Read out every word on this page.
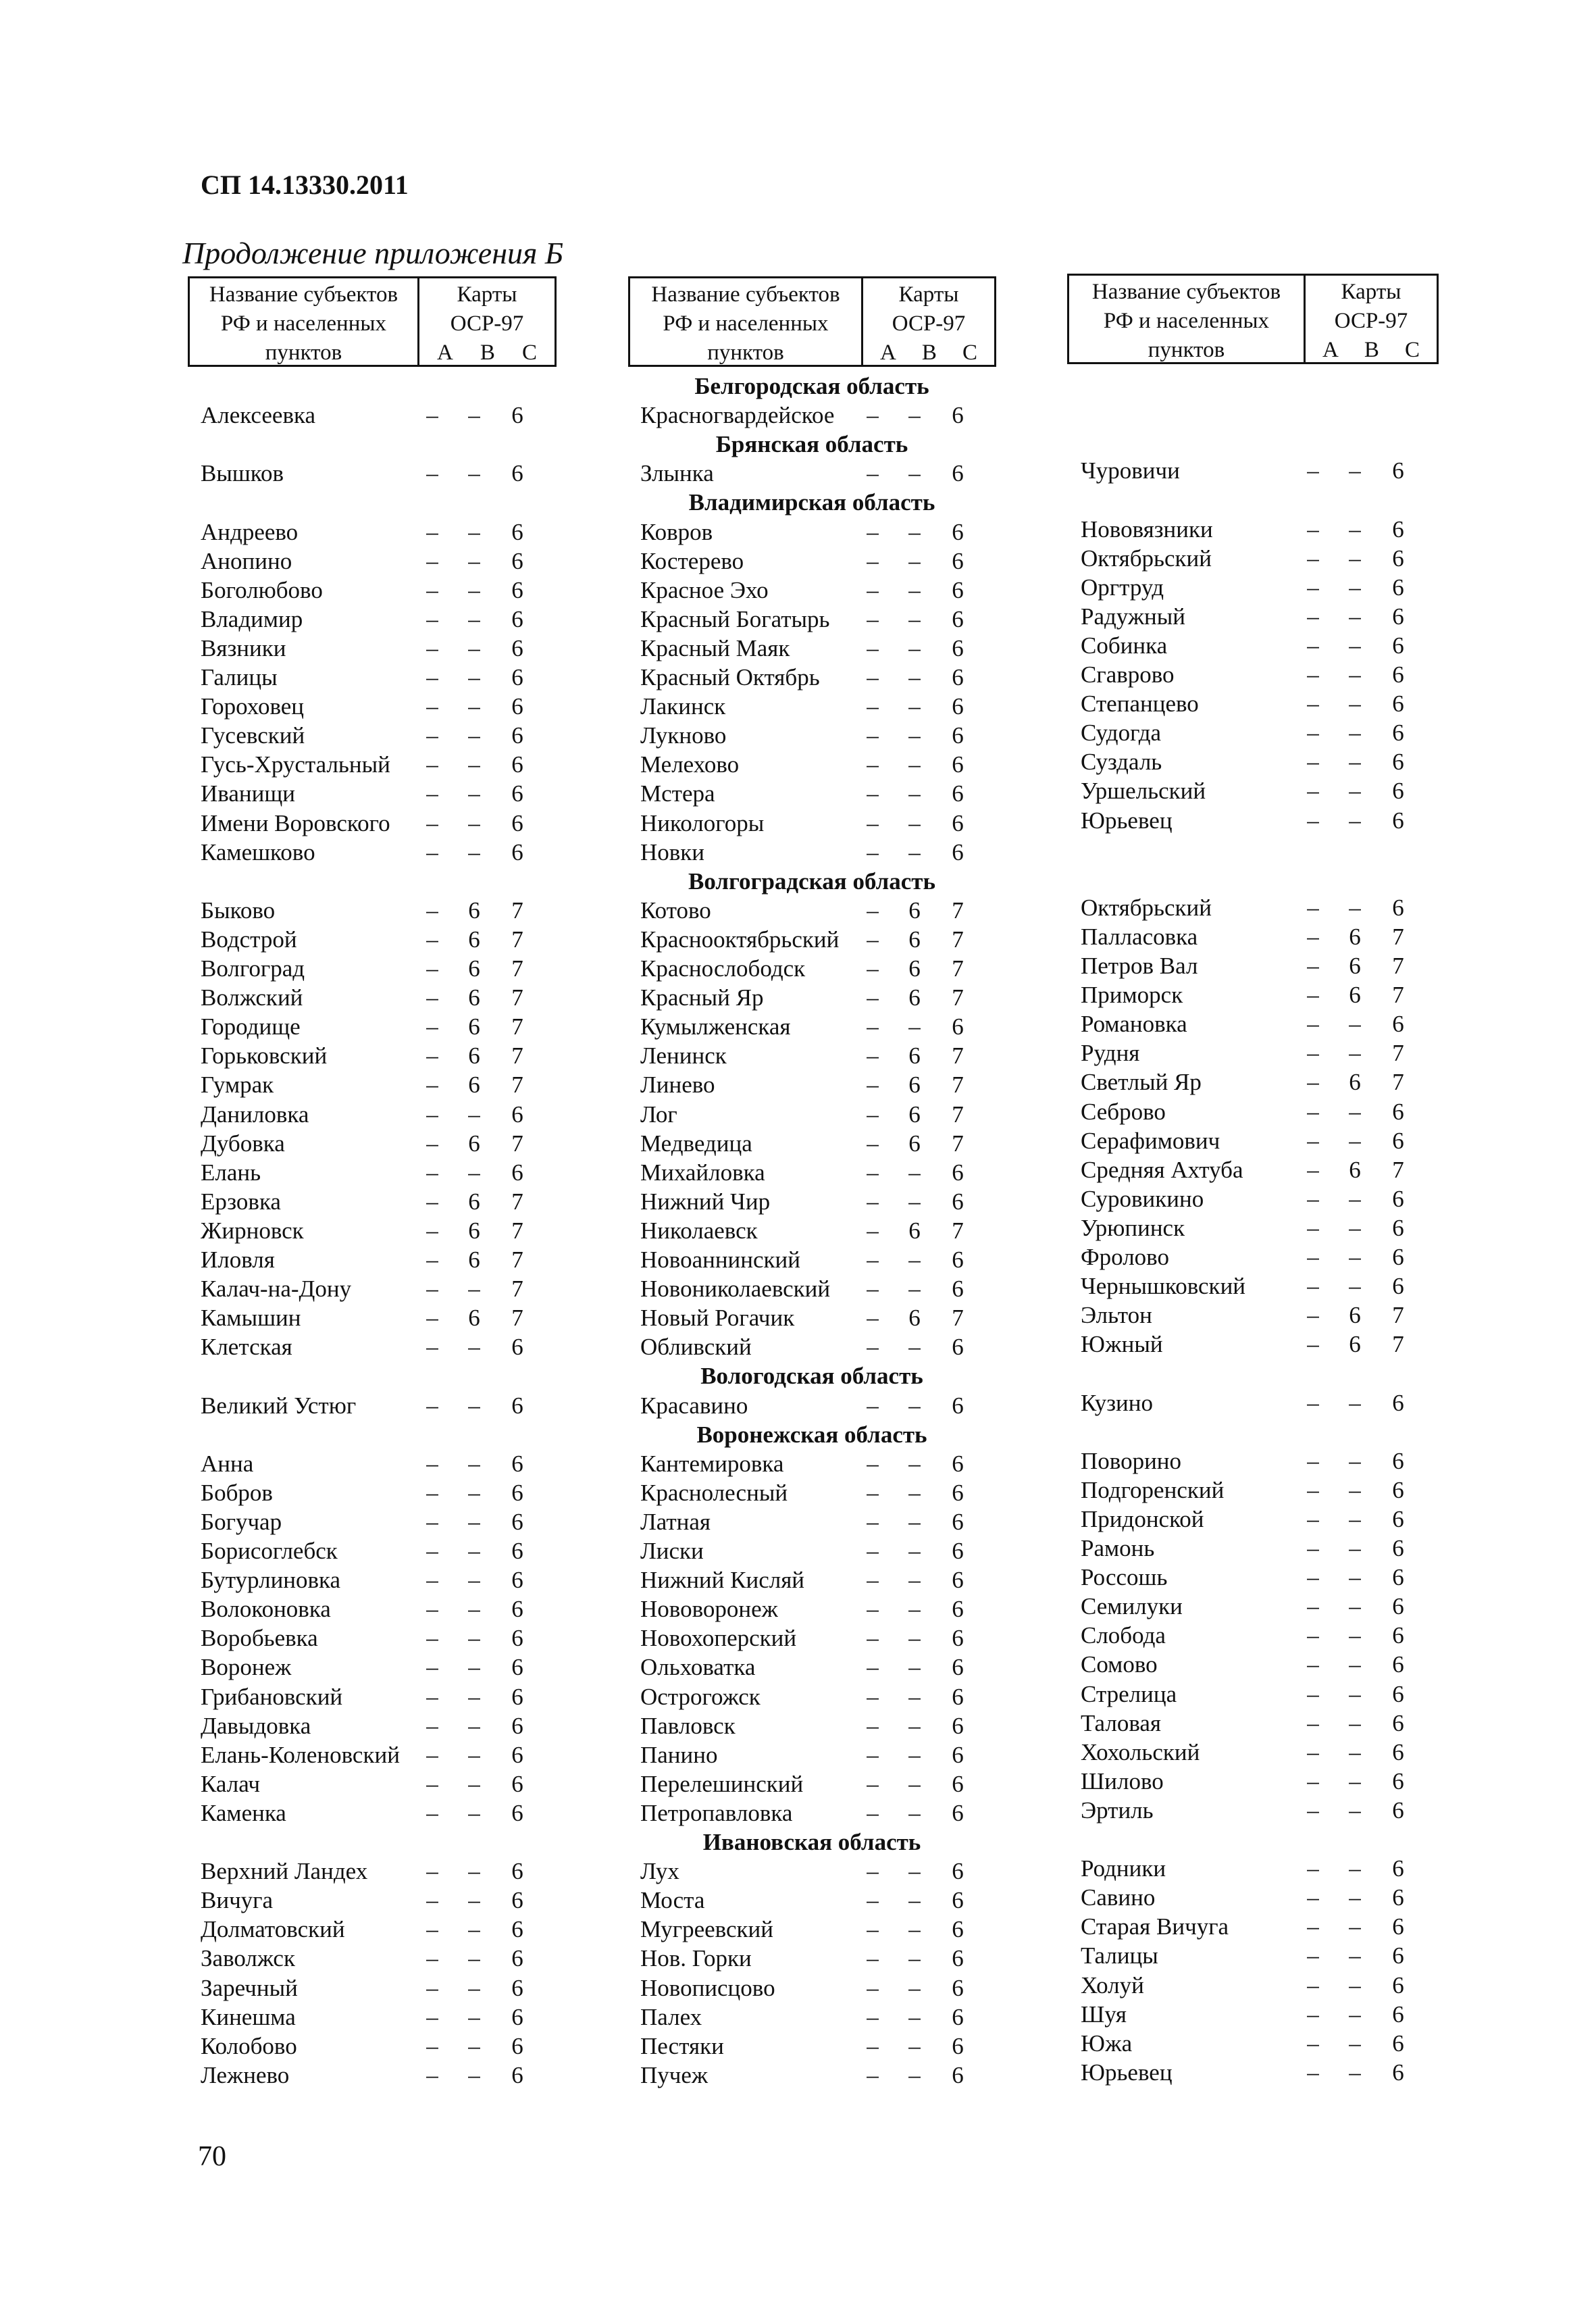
СП 14.13330.2011
Продолжение приложения Б
Название субъектов
РФ и населенных
пунктов
Карты
ОСР-97
А В С
Название субъектов
РФ и населенных
пунктов
Карты
ОСР-97
А В С
Название субъектов
РФ и населенных
пунктов
Карты
ОСР-97
А В С
Белгородская область
Алексеевка	– – 6	Красногвардейское – – 6
Брянская область
Вышков	– – 6	Злынка	– – 6	Чуровичи	– – 6
Владимирская область
Андреево	– – 6
Анопино	– – 6
Боголюбово	– – 6
Владимир	– – 6
Вязники	– – 6
Галицы	– – 6
Гороховец	– – 6
Гусевский	– – 6
Гусь-Хрустальный – – 6
Иванищи	– – 6
Имени Воровского – – 6
Камешково	– – 6
Ковров	– – 6
Костерево	– – 6
Красное Эхо	– – 6
Красный Богатырь – – 6
Красный Маяк	– – 6
Красный Октябрь – – 6
Лакинск	– – 6
Лукново	– – 6
Мелехово	– – 6
Мстера	– – 6
Никологоры	– – 6
Новки	– – 6
Нововязники	– – 6
Октябрьский	– – 6
Оргтруд	– – 6
Радужный	– – 6
Собинка	– – 6
Сгаврово	– – 6
Степанцево	– – 6
Судогда	– – 6
Суздаль	– – 6
Уршельский	– – 6
Юрьевец	– – 6
Волгоградская область
Быково	– 6 7
Водстрой	– 6 7
Волгоград	– 6 7
Волжский	– 6 7
Городище	– 6 7
Горьковский	– 6 7
Гумрак	– 6 7
Даниловка	– – 6
Дубовка	– 6 7
Елань	– – 6
Ерзовка	– 6 7
Жирновск	– 6 7
Иловля	– 6 7
Калач-на-Дону	– – 7
Камышин	– 6 7
Клетская	– – 6
Котово	– 6 7
Краснооктябрьский – 6 7
Краснослободск	– 6 7
Красный Яр	– 6 7
Кумылженская	– – 6
Ленинск	– 6 7
Линево	– 6 7
Лог	– 6 7
Медведица	– 6 7
Михайловка	– – 6
Нижний Чир	– – 6
Николаевск	– 6 7
Новоаннинский	– – 6
Новониколаевский – – 6
Новый Рогачик	– 6 7
Обливский	– – 6
Октябрьский	– – 6
Палласовка	– 6 7
Петров Вал	– 6 7
Приморск	– 6 7
Романовка	– – 6
Рудня	– – 7
Светлый Яр	– 6 7
Себрово	– – 6
Серафимович	– – 6
Средняя Ахтуба	– 6 7
Суровикино	– – 6
Урюпинск	– – 6
Фролово	– – 6
Чернышковский	– – 6
Эльтон	– 6 7
Южный	– 6 7
Вологодская область
Великий Устюг	– – 6	Красавино	– – 6	Кузино	– – 6
Воронежская область
Анна	– – 6
Бобров	– – 6
Богучар	– – 6
Борисоглебск	– – 6
Бутурлиновка	– – 6
Волоконовка	– – 6
Воробьевка	– – 6
Воронеж	– – 6
Грибановский	– – 6
Давыдовка	– – 6
Елань-Коленовский – – 6
Калач	– – 6
Каменка	– – 6
Кантемировка	– – 6
Краснолесный	– – 6
Латная	– – 6
Лиски	– – 6
Нижний Кисляй	– – 6
Нововоронеж	– – 6
Новохоперский	– – 6
Ольховатка	– – 6
Острогожск	– – 6
Павловск	– – 6
Панино	– – 6
Перелешинский	– – 6
Петропавловка	– – 6
Поворино	– – 6
Подгоренский	– – 6
Придонской	– – 6
Рамонь	– – 6
Россошь	– – 6
Семилуки	– – 6
Слобода	– – 6
Сомово	– – 6
Стрелица	– – 6
Таловая	– – 6
Хохольский	– – 6
Шилово	– – 6
Эртиль	– – 6
Ивановская область
Верхний Ландех – – 6
Вичуга	– – 6
Долматовский	– – 6
Заволжск	– – 6
Заречный	– – 6
Кинешма	– – 6
Колобово	– – 6
Лежнево	– – 6
Лух	– – 6
Моста	– – 6
Мугреевский	– – 6
Нов. Горки	– – 6
Новописцово	– – 6
Палех	– – 6
Пестяки	– – 6
Пучеж	– – 6
Родники	– – 6
Савино	– – 6
Старая Вичуга	– – 6
Талицы	– – 6
Холуй	– – 6
Шуя	– – 6
Южа	– – 6
Юрьевец	– – 6
70
